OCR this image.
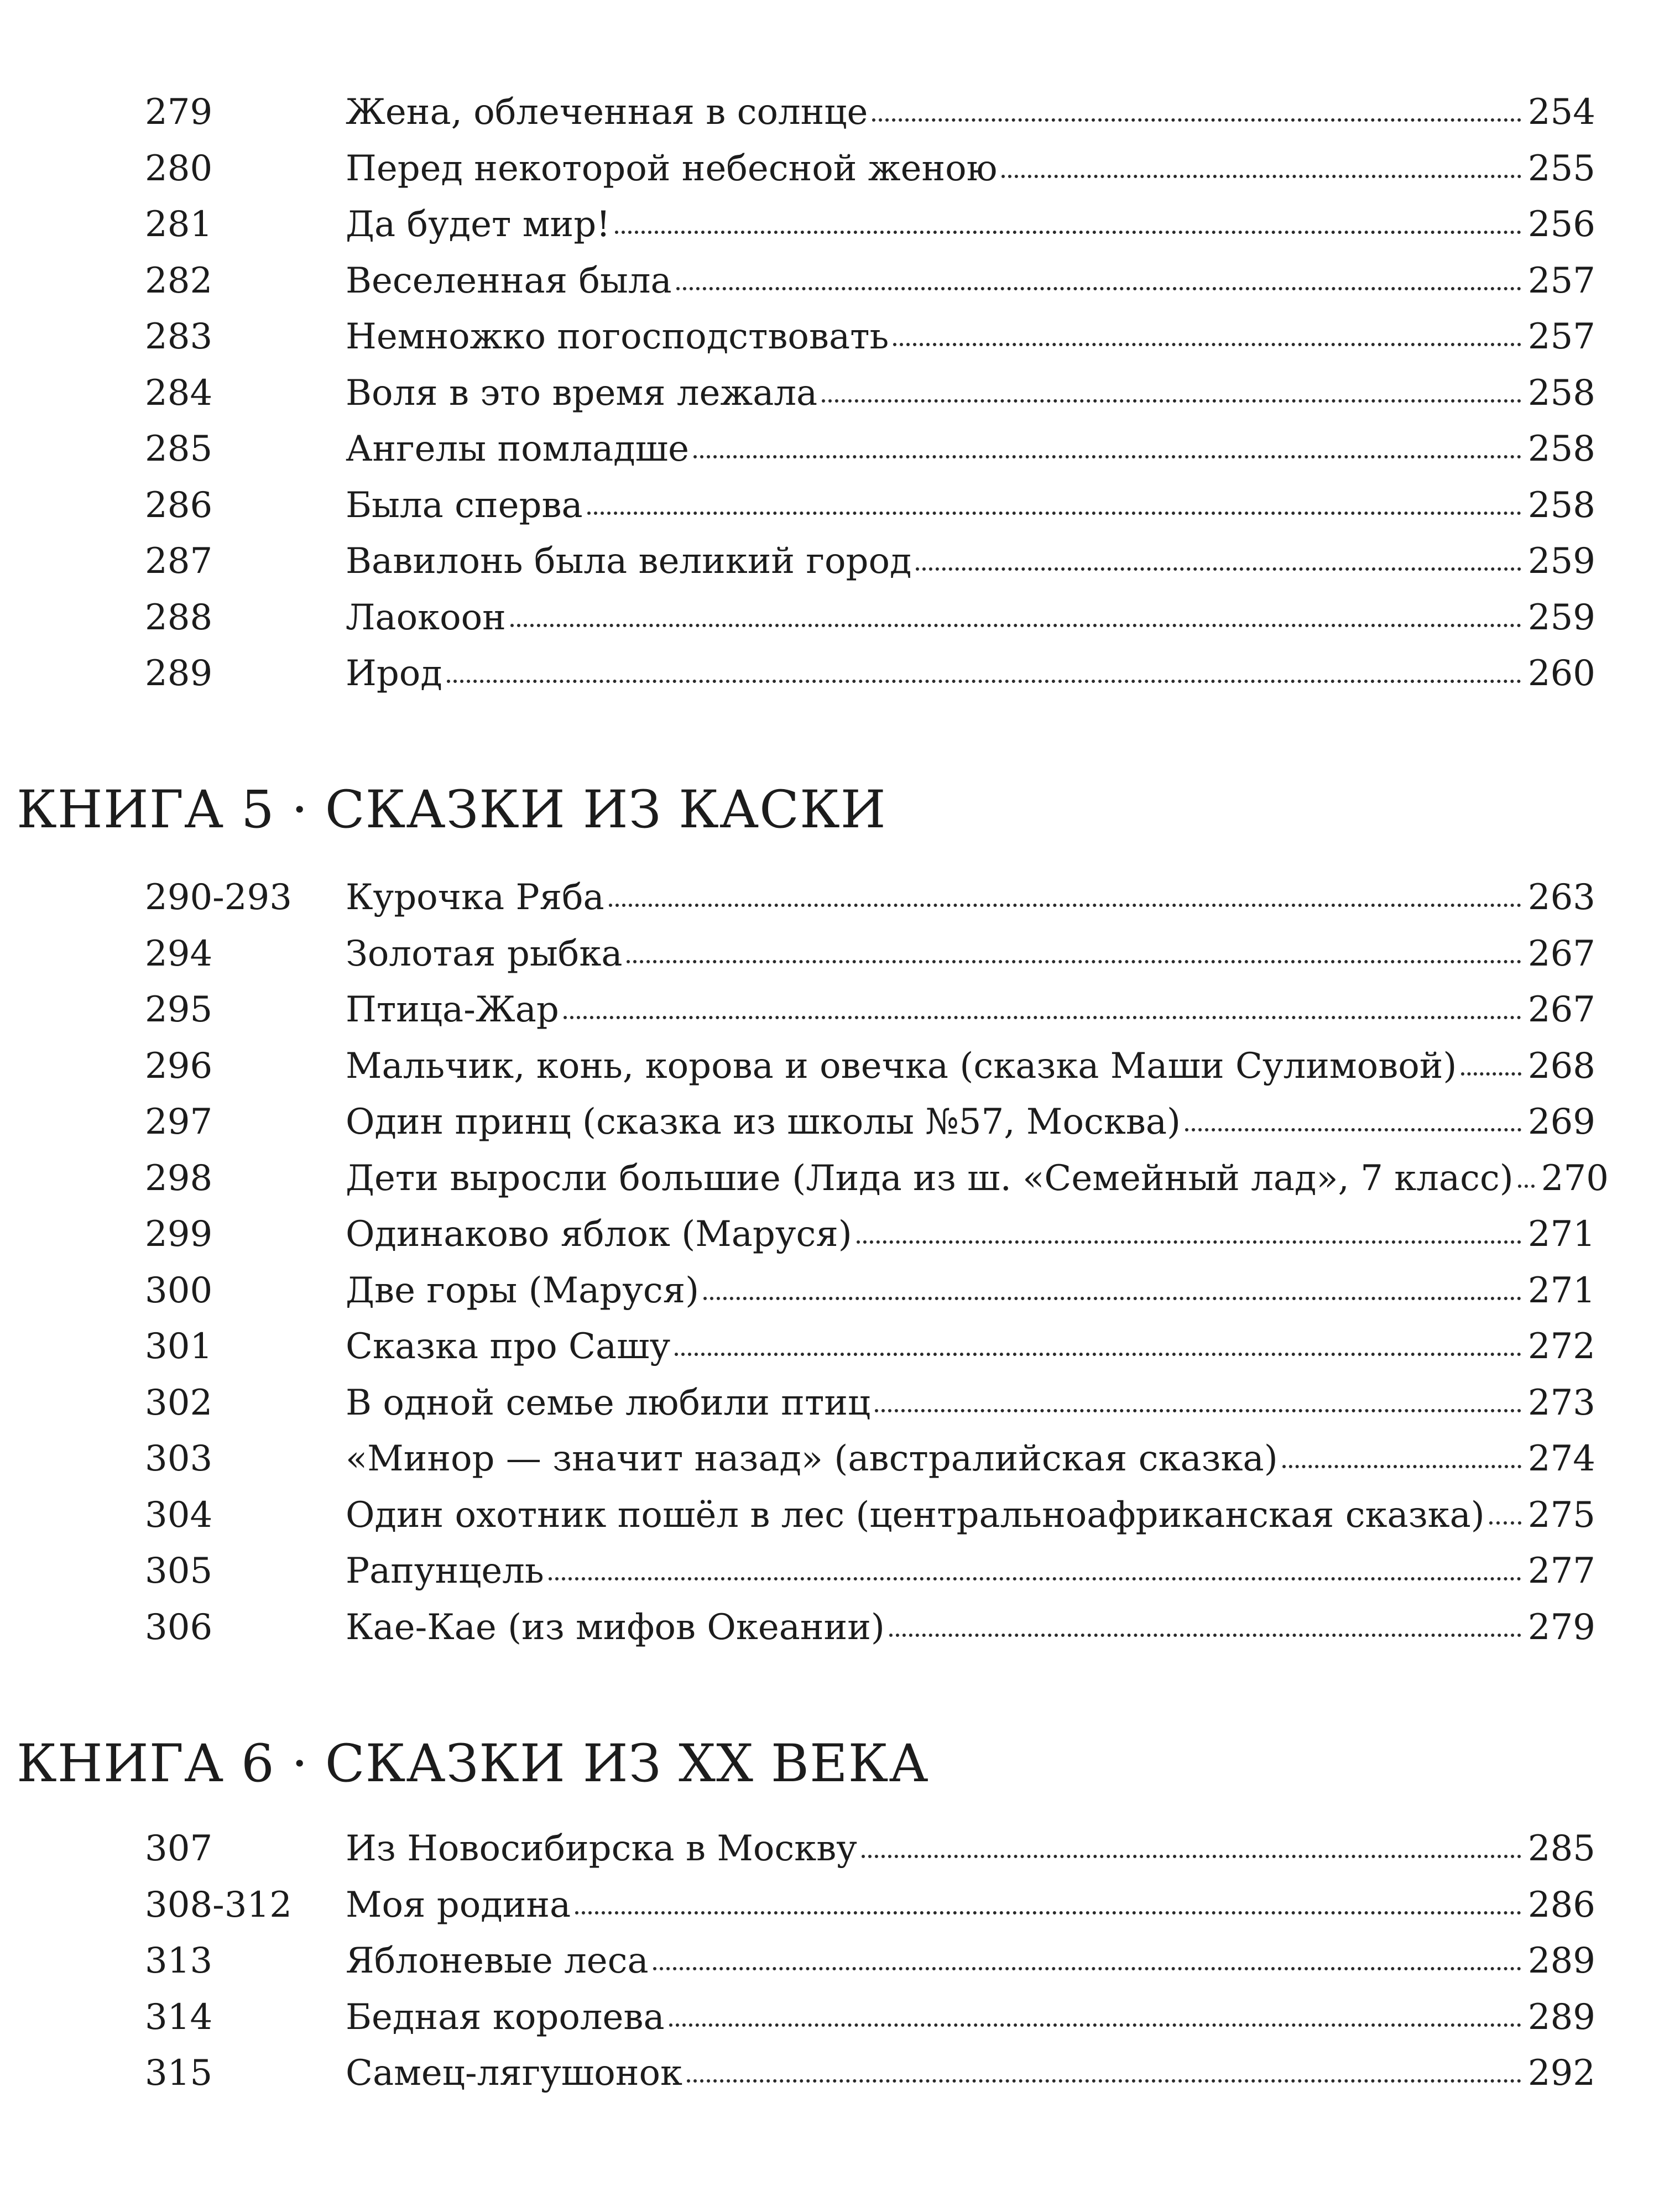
279	Жена, облеченная в солнце	254
280	Перед некоторой небесной женою	255
281	Да будет мир!	256
282	Веселенная была	257
283	Немножко погосподствовать	257
284	Воля в это время лежала	258
285	Ангелы помладше	258
286	Была сперва	258
287	Вавилонь была великий город	259
288	Лаокоон	259
289	Ирод	260
КНИГА 5 · СКАЗКИ ИЗ КАСКИ
290-293 Курочка Ряба	263
294	Золотая рыбка	267
295	Птица-Жар	267
296	Мальчик, конь, корова и овечка (сказка Маши Сулимовой) 268
297	Один принц (сказка из школы №57, Москва)	269
298	Дети выросли большие (Лида из ш. «Семейный лад», 7 класс) 270
299	Одинаково яблок (Маруся)	271
300	Две горы (Маруся)	271
301	Сказка про Сашу	272
302	В одной семье любили птиц	273
303	«Минор — значит назад» (австралийская сказка)	274
304	Один охотник пошёл в лес (центральноафриканская сказка) 275
305	Рапунцель	277
306	Кае-Кае (из мифов Океании)	279
КНИГА 6 · СКАЗКИ ИЗ XX ВЕКА
307	Из Новосибирска в Москву	285
308-312 Моя родина	286
313	Яблоневые леса	289
314	Бедная королева	289
315	Самец-лягушонок	292
